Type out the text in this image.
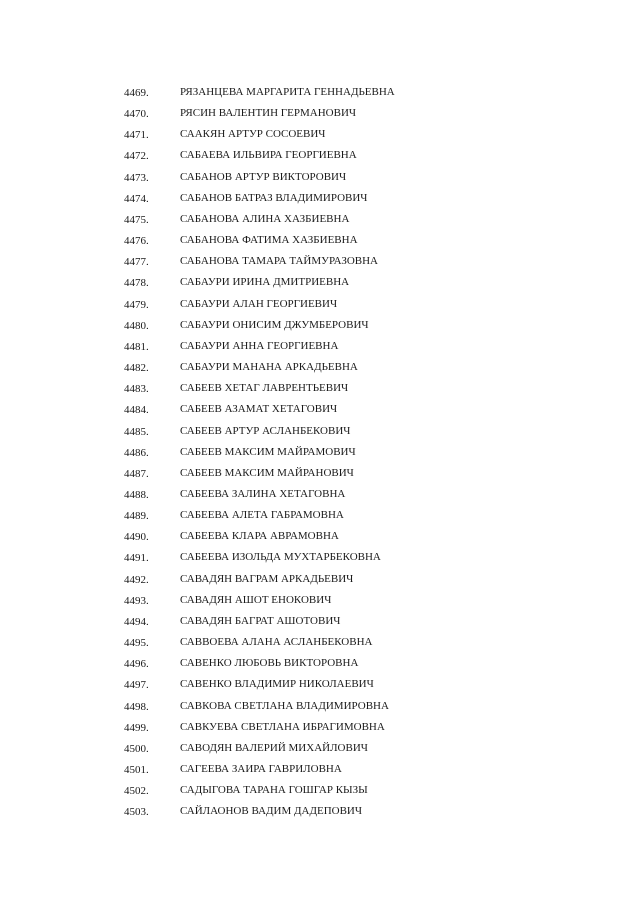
4469.	РЯЗАНЦЕВА МАРГАРИТА ГЕННАДЬЕВНА
4470.	РЯСИН ВАЛЕНТИН ГЕРМАНОВИЧ
4471.	СААКЯН АРТУР СОСОЕВИЧ
4472.	САБАЕВА ИЛЬВИРА ГЕОРГИЕВНА
4473.	САБАНОВ АРТУР ВИКТОРОВИЧ
4474.	САБАНОВ БАТРАЗ ВЛАДИМИРОВИЧ
4475.	САБАНОВА АЛИНА ХАЗБИЕВНА
4476.	САБАНОВА ФАТИМА ХАЗБИЕВНА
4477.	САБАНОВА ТАМАРА ТАЙМУРАЗОВНА
4478.	САБАУРИ ИРИНА ДМИТРИЕВНА
4479.	САБАУРИ АЛАН ГЕОРГИЕВИЧ
4480.	САБАУРИ ОНИСИМ ДЖУМБЕРОВИЧ
4481.	САБАУРИ АННА ГЕОРГИЕВНА
4482.	САБАУРИ МАНАНА АРКАДЬЕВНА
4483.	САБЕЕВ ХЕТАГ ЛАВРЕНТЬЕВИЧ
4484.	САБЕЕВ АЗАМАТ ХЕТАГОВИЧ
4485.	САБЕЕВ АРТУР АСЛАНБЕКОВИЧ
4486.	САБЕЕВ МАКСИМ МАЙРАМОВИЧ
4487.	САБЕЕВ МАКСИМ МАЙРАНОВИЧ
4488.	САБЕЕВА ЗАЛИНА ХЕТАГОВНА
4489.	САБЕЕВА АЛЕТА ГАБРАМОВНА
4490.	САБЕЕВА КЛАРА АВРАМОВНА
4491.	САБЕЕВА ИЗОЛЬДА МУХТАРБЕКОВНА
4492.	САВАДЯН ВАГРАМ АРКАДЬЕВИЧ
4493.	САВАДЯН АШОТ ЕНОКОВИЧ
4494.	САВАДЯН БАГРАТ АШОТОВИЧ
4495.	САВВОЕВА АЛАНА АСЛАНБЕКОВНА
4496.	САВЕНКО ЛЮБОВЬ ВИКТОРОВНА
4497.	САВЕНКО ВЛАДИМИР НИКОЛАЕВИЧ
4498.	САВКОВА СВЕТЛАНА ВЛАДИМИРОВНА
4499.	САВКУЕВА СВЕТЛАНА ИБРАГИМОВНА
4500.	САВОДЯН ВАЛЕРИЙ МИХАЙЛОВИЧ
4501.	САГЕЕВА ЗАИРА ГАВРИЛОВНА
4502.	САДЫГОВА ТАРАНА ГОШГАР КЫЗЫ
4503.	САЙЛАОНОВ ВАДИМ ДАДЕПОВИЧ
